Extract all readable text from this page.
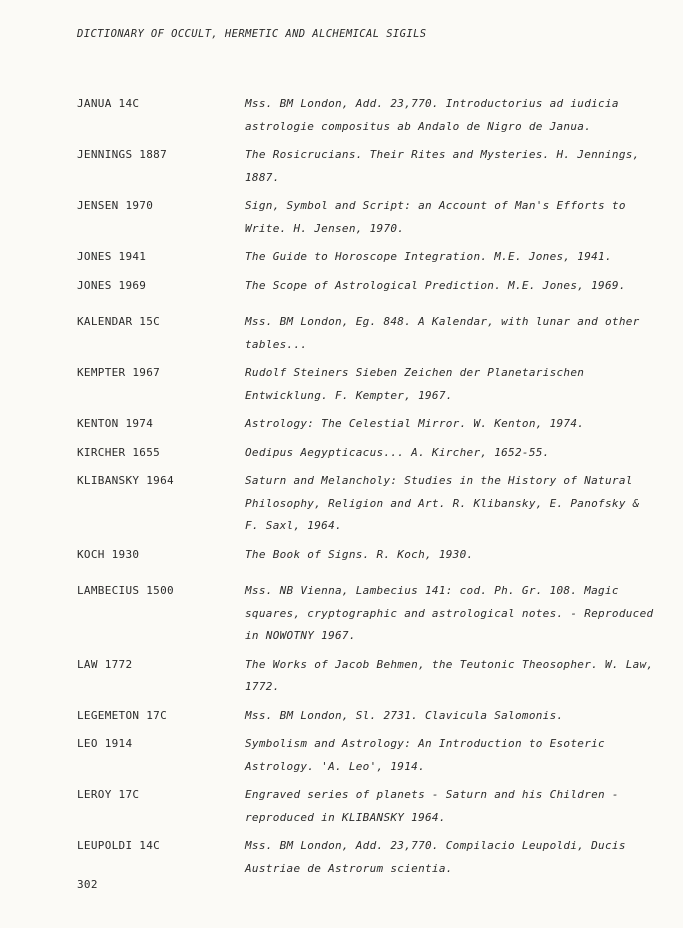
DICTIONARY OF OCCULT, HERMETIC AND ALCHEMICAL SIGILS
JANUA 14C	Mss. BM London, Add. 23,770. Introductorius ad iudicia astrologie compositus ab Andalo de Nigro de Janua.
JENNINGS 1887	The Rosicrucians. Their Rites and Mysteries. H. Jennings, 1887.
JENSEN 1970	Sign, Symbol and Script: an Account of Man's Efforts to Write. H. Jensen, 1970.
JONES 1941	The Guide to Horoscope Integration. M.E. Jones, 1941.
JONES 1969	The Scope of Astrological Prediction. M.E. Jones, 1969.
KALENDAR 15C	Mss. BM London, Eg. 848. A Kalendar, with lunar and other tables...
KEMPTER 1967	Rudolf Steiners Sieben Zeichen der Planetarischen Entwicklung. F. Kempter, 1967.
KENTON 1974	Astrology: The Celestial Mirror. W. Kenton, 1974.
KIRCHER 1655	Oedipus Aegypticacus... A. Kircher, 1652-55.
KLIBANSKY 1964	Saturn and Melancholy: Studies in the History of Natural Philosophy, Religion and Art. R. Klibansky, E. Panofsky & F. Saxl, 1964.
KOCH 1930	The Book of Signs. R. Koch, 1930.
LAMBECIUS 1500	Mss. NB Vienna, Lambecius 141: cod. Ph. Gr. 108. Magic squares, cryptographic and astrological notes. - Reproduced in NOWOTNY 1967.
LAW 1772	The Works of Jacob Behmen, the Teutonic Theosopher. W. Law, 1772.
LEGEMETON 17C	Mss. BM London, Sl. 2731. Clavicula Salomonis.
LEO 1914	Symbolism and Astrology: An Introduction to Esoteric Astrology. 'A. Leo', 1914.
LEROY 17C	Engraved series of planets - Saturn and his Children - reproduced in KLIBANSKY 1964.
LEUPOLDI 14C	Mss. BM London, Add. 23,770. Compilacio Leupoldi, Ducis Austriae de Astrorum scientia.
302
